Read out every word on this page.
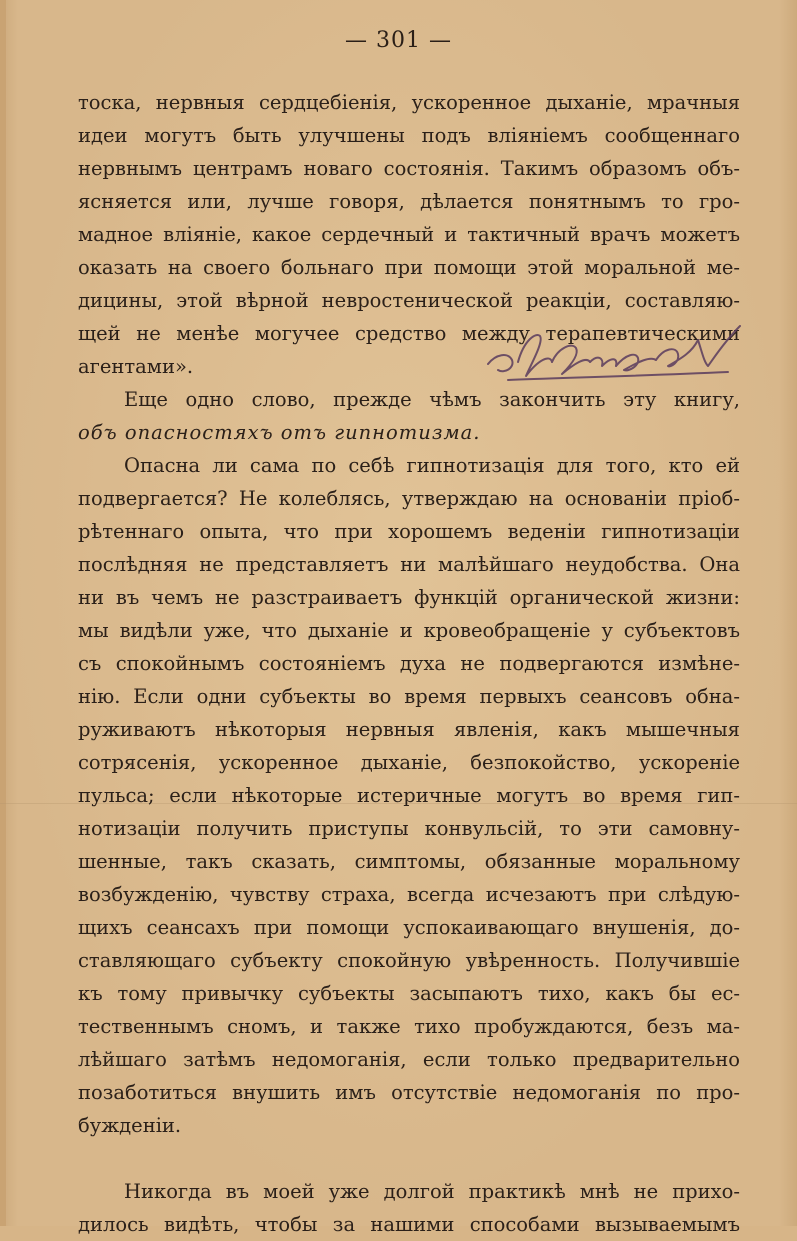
— 301 —
тоска, нервныя сердцебіенія, ускоренное дыханіе, мрачныя
идеи могутъ быть улучшены подъ вліяніемъ сообщеннаго
нервнымъ центрамъ новаго состоянія. Такимъ образомъ объ-
ясняется или, лучше говоря, дѣлается понятнымъ то гро-
мадное вліяніе, какое сердечный и тактичный врачъ можетъ
оказать на своего больнаго при помощи этой моральной ме-
дицины, этой вѣрной невростенической реакціи, составляю-
щей не менѣе могучее средство между терапевтическими
агентами».
Еще одно слово, прежде чѣмъ закончить эту книгу,
объ опасностяхъ отъ гипнотизма.
Опасна ли сама по себѣ гипнотизація для того, кто ей
подвергается? Не колеблясь, утверждаю на основаніи пріоб-
рѣтеннаго опыта, что при хорошемъ веденіи гипнотизаціи
послѣдняя не представляетъ ни малѣйшаго неудобства. Она
ни въ чемъ не разстраиваетъ функцій органической жизни:
мы видѣли уже, что дыханіе и кровеобращеніе у субъектовъ
съ спокойнымъ состояніемъ духа не подвергаются измѣне-
нію. Если одни субъекты во время первыхъ сеансовъ обна-
руживаютъ нѣкоторыя нервныя явленія, какъ мышечныя
сотрясенія, ускоренное дыханіе, безпокойство, ускореніе
пульса; если нѣкоторые истеричные могутъ во время гип-
нотизаціи получить приступы конвульсій, то эти самовну-
шенные, такъ сказать, симптомы, обязанные моральному
возбужденію, чувству страха, всегда исчезаютъ при слѣдую-
щихъ сеансахъ при помощи успокаивающаго внушенія, до-
ставляющаго субъекту спокойную увѣренность. Получившіе
къ тому привычку субъекты засыпаютъ тихо, какъ бы ес-
тественнымъ сномъ, и также тихо пробуждаются, безъ ма-
лѣйшаго затѣмъ недомоганія, если только предварительно
позаботиться внушить имъ отсутствіе недомоганія по про-
бужденіи.
Никогда въ моей уже долгой практикѣ мнѣ не прихо-
дилось видѣть, чтобы за нашими способами вызываемымъ
